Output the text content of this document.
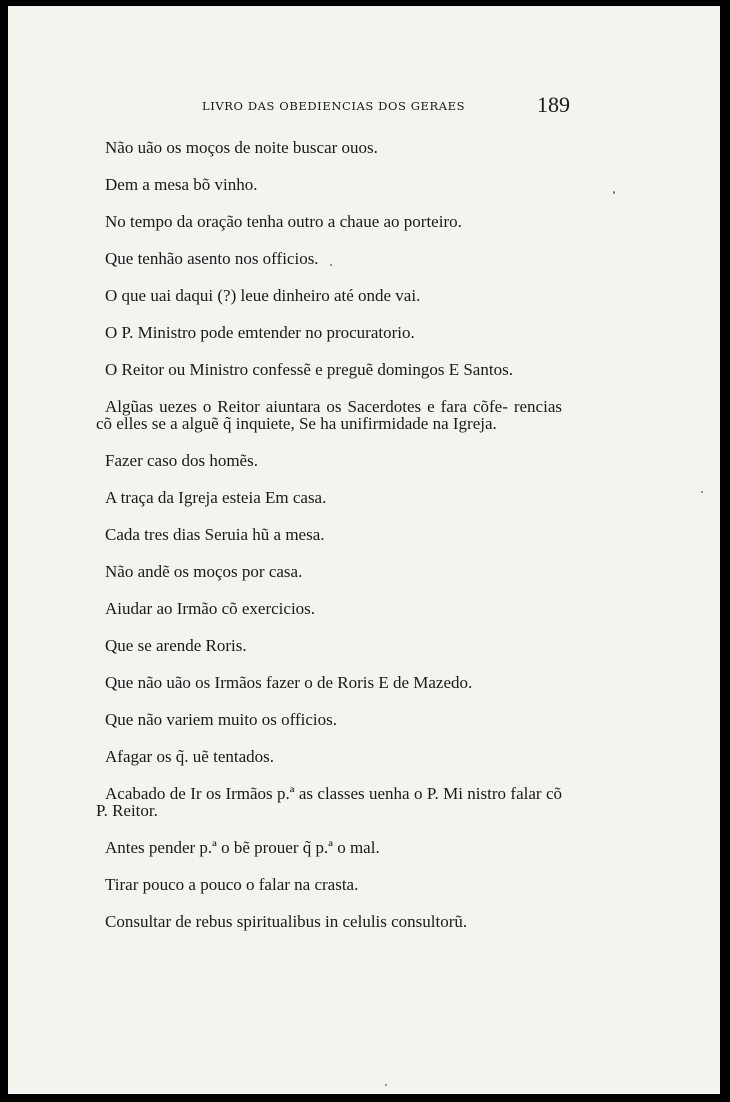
LIVRO DAS OBEDIENCIAS DOS GERAES	189

Não uão os moços de noite buscar ouos.

Dem a mesa bõ vinho.

No tempo da oração tenha outro a chaue ao porteiro.

Que tenhão asento nos officios.

O que uai daqui (?) leue dinheiro até onde vai.

O P. Ministro pode emtender no procuratorio.

O Reitor ou Ministro confessẽ e preguẽ domingos E Santos.

Algũas uezes o Reitor aiuntara os Sacerdotes e fara cõfe- rencias cõ elles se a alguẽ q̃ inquiete, Se ha unifirmidade na Igreja.

Fazer caso dos homẽs.

A traça da Igreja esteia Em casa.

Cada tres dias Seruia hũ a mesa.

Não andẽ os moços por casa.

Aiudar ao Irmão cõ exercicios.

Que se arende Roris.

Que não uão os Irmãos fazer o de Roris E de Mazedo.

Que não variem muito os officios.

Afagar os q̃. uẽ tentados.

Acabado de Ir os Irmãos p.ª as classes uenha o P. Mi nistro falar cõ P. Reitor.

Antes pender p.ª o bẽ prouer q̃ p.ª o mal.

Tirar pouco a pouco o falar na crasta.

Consultar de rebus spiritualibus in celulis consultorũ.
